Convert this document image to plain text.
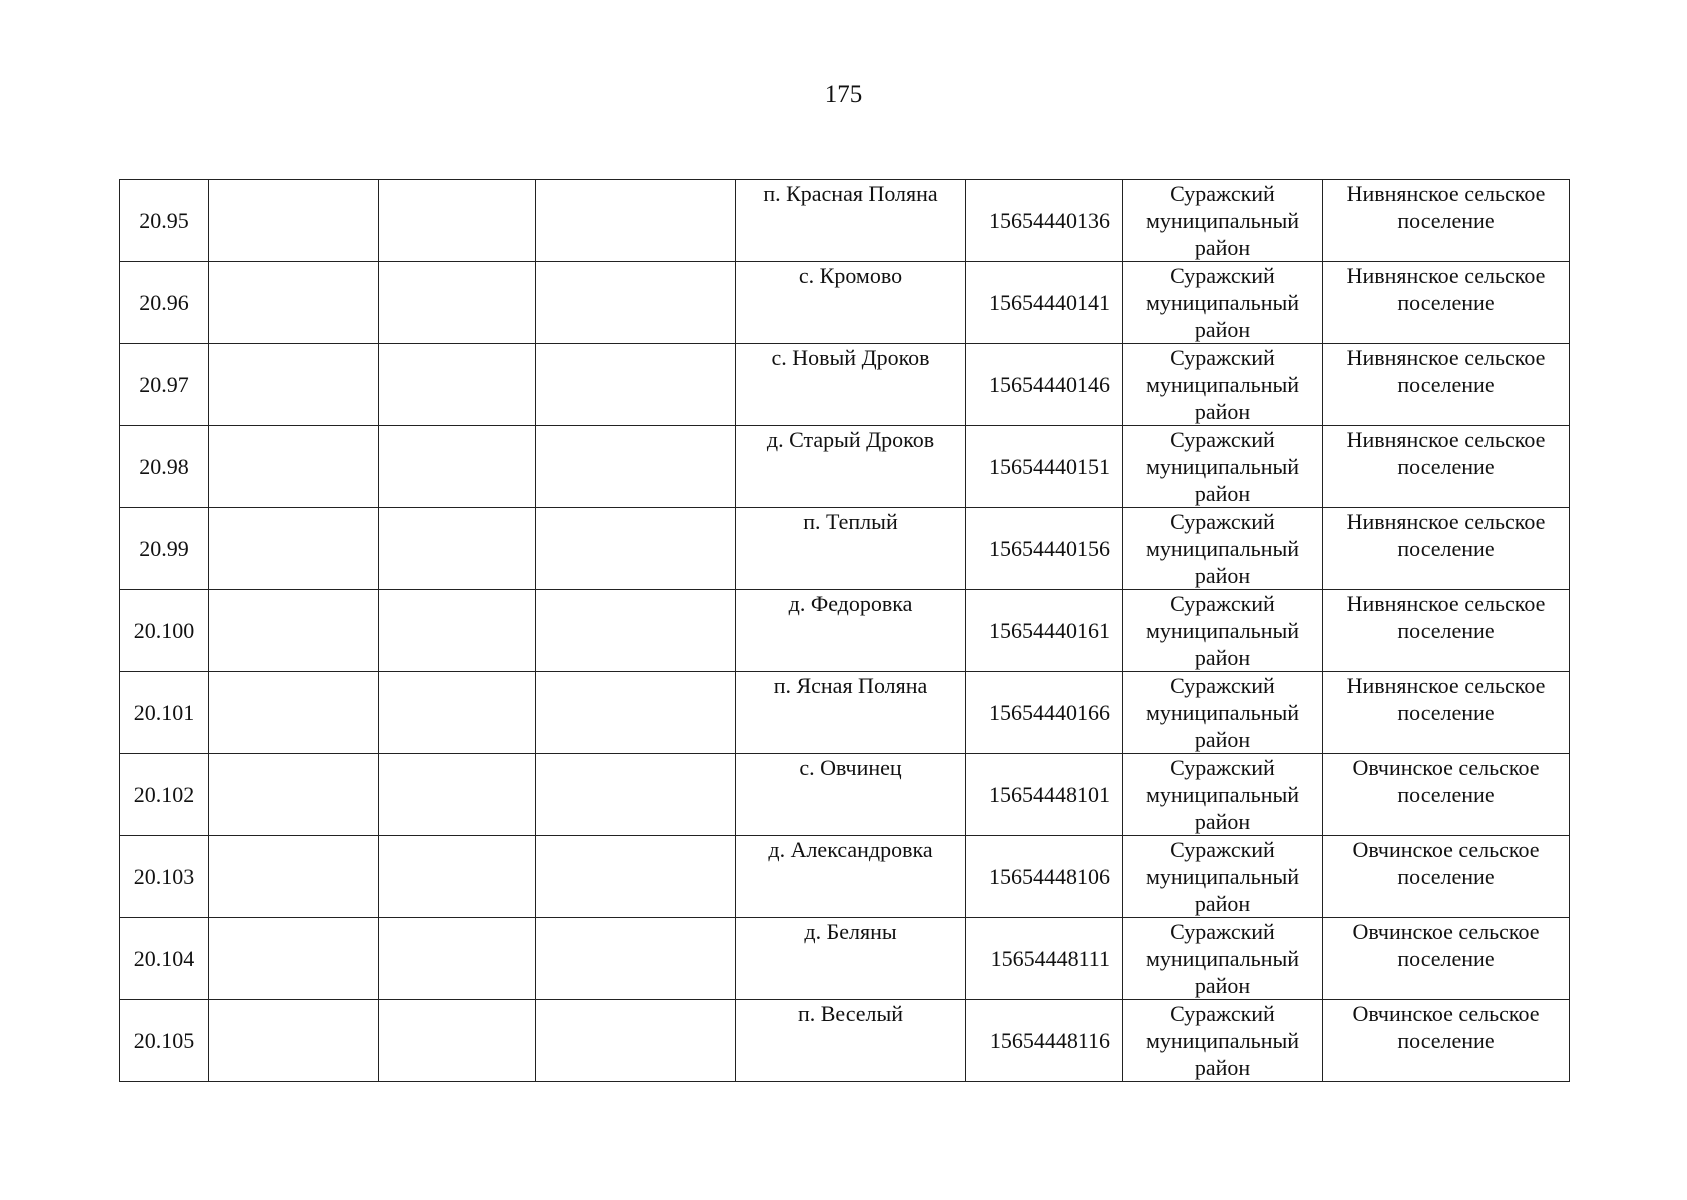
175
20.95				п. Красная Поляна	15654440136	Суражский муниципальный район	Нивнянское сельское поселение

20.96				с. Кромово	15654440141	Суражский муниципальный район	Нивнянское сельское поселение

20.97				с. Новый Дроков	15654440146	Суражский муниципальный район	Нивнянское сельское поселение

20.98				д. Старый Дроков	15654440151	Суражский муниципальный район	Нивнянское сельское поселение

20.99				п. Теплый	15654440156	Суражский муниципальный район	Нивнянское сельское поселение

20.100				д. Федоровка	15654440161	Суражский муниципальный район	Нивнянское сельское поселение

20.101				п. Ясная Поляна	15654440166	Суражский муниципальный район	Нивнянское сельское поселение

20.102				с. Овчинец	15654448101	Суражский муниципальный район	Овчинское сельское поселение

20.103				д. Александровка	15654448106	Суражский муниципальный район	Овчинское сельское поселение

20.104				д. Беляны	15654448111	Суражский муниципальный район	Овчинское сельское поселение

20.105				п. Веселый	15654448116	Суражский муниципальный район	Овчинское сельское поселение
